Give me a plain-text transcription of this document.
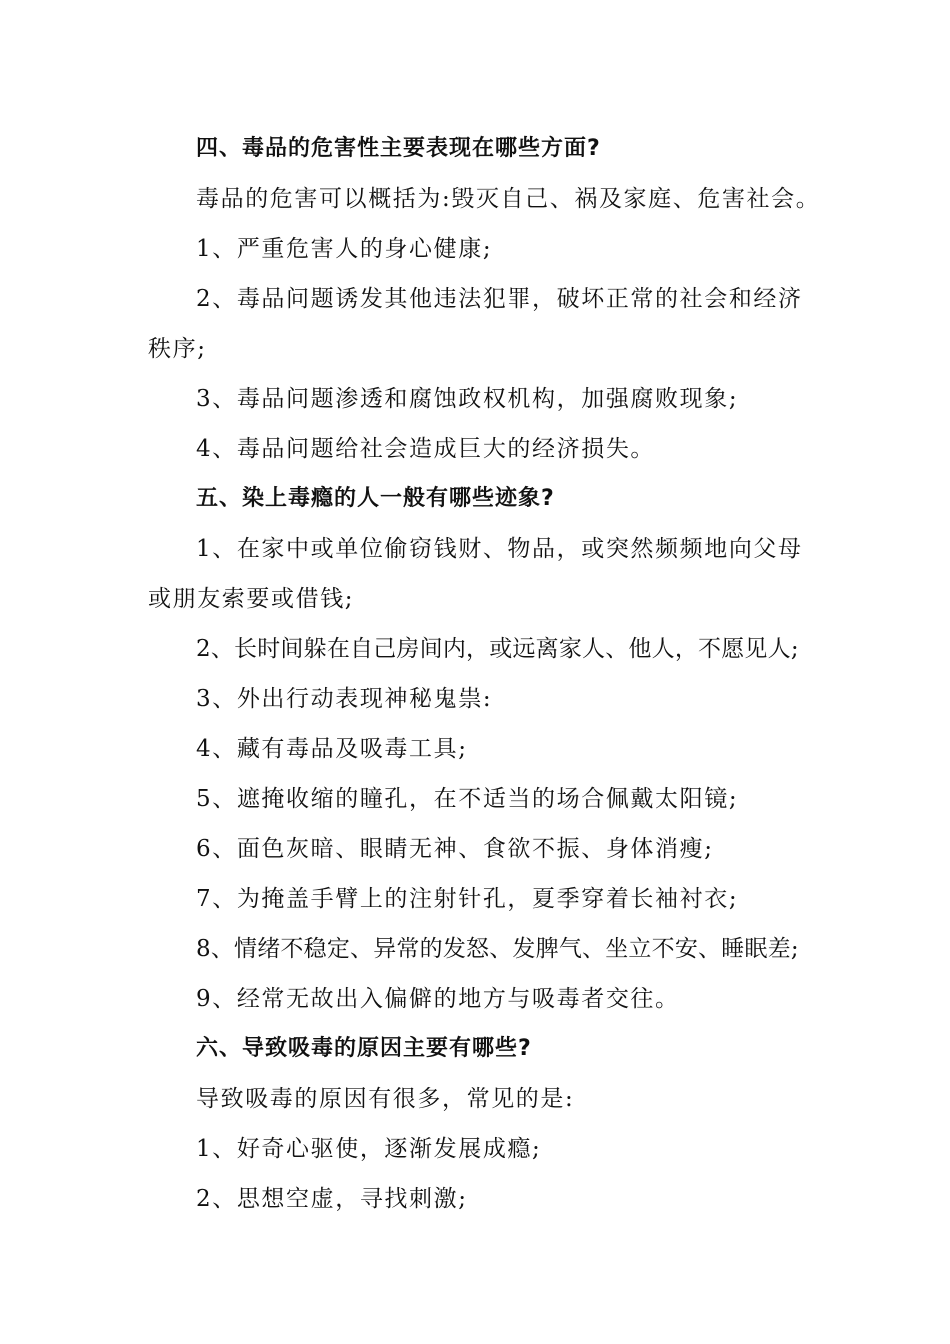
四、毒品的危害性主要表现在哪些方面?
毒品的危害可以概括为:毁灭自己、祸及家庭、危害社会。
1、严重危害人的身心健康;
2、毒品问题诱发其他违法犯罪，破坏正常的社会和经济
秩序;
3、毒品问题渗透和腐蚀政权机构，加强腐败现象;
4、毒品问题给社会造成巨大的经济损失。
五、染上毒瘾的人一般有哪些迹象?
1、在家中或单位偷窃钱财、物品，或突然频频地向父母
或朋友索要或借钱;
2、长时间躲在自己房间内，或远离家人、他人，不愿见人;
3、外出行动表现神秘鬼祟:
4、藏有毒品及吸毒工具;
5、遮掩收缩的瞳孔，在不适当的场合佩戴太阳镜;
6、面色灰暗、眼睛无神、食欲不振、身体消瘦;
7、为掩盖手臂上的注射针孔，夏季穿着长袖衬衣;
8、情绪不稳定、异常的发怒、发脾气、坐立不安、睡眠差;
9、经常无故出入偏僻的地方与吸毒者交往。
六、导致吸毒的原因主要有哪些?
导致吸毒的原因有很多，常见的是:
1、好奇心驱使，逐渐发展成瘾;
2、思想空虚，寻找刺激;
